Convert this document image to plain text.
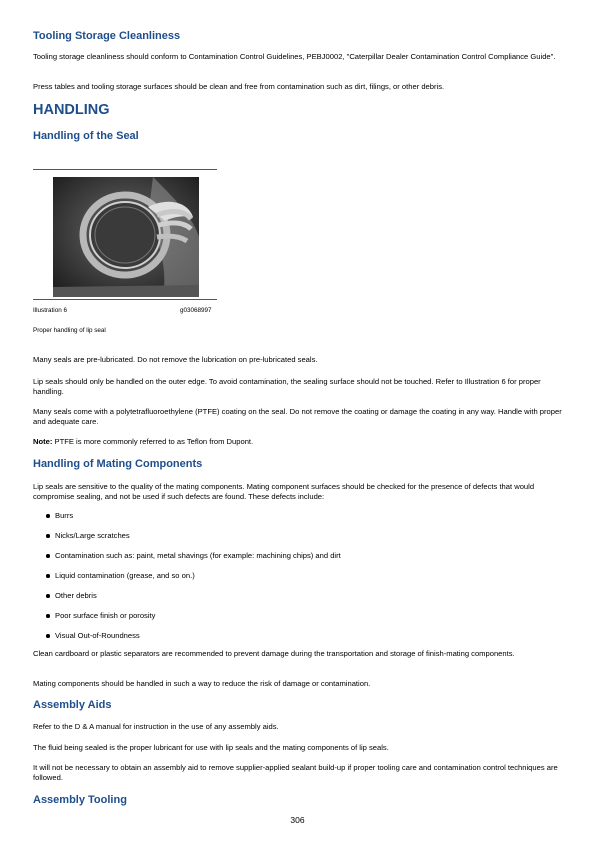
Tooling Storage Cleanliness

Tooling storage cleanliness should conform to Contamination Control Guidelines, PEBJ0002, "Caterpillar Dealer Contamination Control Compliance Guide".

Press tables and tooling storage surfaces should be clean and free from contamination such as dirt, filings, or other debris.

HANDLING
Handling of the Seal
Illustration 6	g03068997
Proper handling of lip seal

Many seals are pre-lubricated. Do not remove the lubrication on pre-lubricated seals.

Lip seals should only be handled on the outer edge. To avoid contamination, the sealing surface should not be touched. Refer to Illustration 6 for proper handling.

Many seals come with a polytetrafluoroethylene (PTFE) coating on the seal. Do not remove the coating or damage the coating in any way. Handle with proper and adequate care.

Note: PTFE is more commonly referred to as Teflon from Dupont.

Handling of Mating Components

Lip seals are sensitive to the quality of the mating components. Mating component surfaces should be checked for the presence of defects that would compromise sealing, and not be used if such defects are found. These defects include:

Burrs
Nicks/Large scratches
Contamination such as: paint, metal shavings (for example: machining chips) and dirt
Liquid contamination (grease, and so on.)
Other debris
Poor surface finish or porosity
Visual Out-of-Roundness

Clean cardboard or plastic separators are recommended to prevent damage during the transportation and storage of finish-mating components.

Mating components should be handled in such a way to reduce the risk of damage or contamination.

Assembly Aids

Refer to the D & A manual for instruction in the use of any assembly aids.

The fluid being sealed is the proper lubricant for use with lip seals and the mating components of lip seals.

It will not be necessary to obtain an assembly aid to remove supplier-applied sealant build-up if proper tooling care and contamination control techniques are followed.

Assembly Tooling
306
